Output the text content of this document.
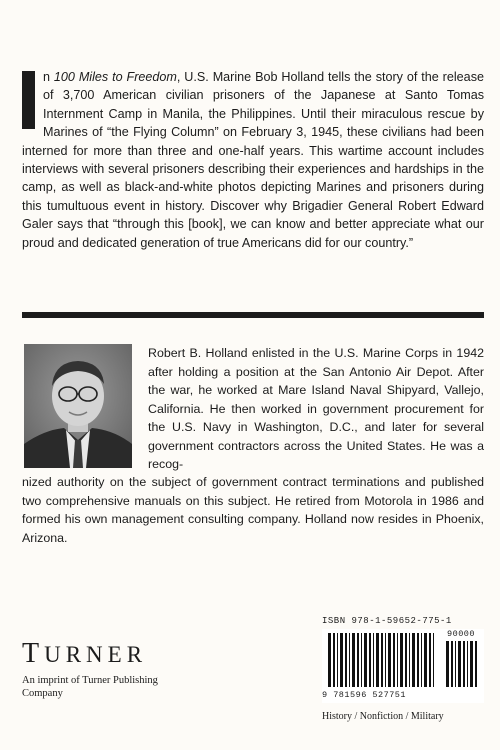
n 100 Miles to Freedom, U.S. Marine Bob Holland tells the story of the release of 3,700 American civilian prisoners of the Japanese at Santo Tomas Internment Camp in Manila, the Philippines. Until their miraculous rescue by Marines of “the Flying Column” on February 3, 1945, these civilians had been interned for more than three and one-half years. This wartime account includes interviews with several prisoners describing their experiences and hardships in the camp, as well as black-and-white photos depicting Marines and prisoners during this tumultuous event in history. Discover why Brigadier General Robert Edward Galer says that “through this [book], we can know and better appreciate what our proud and dedicated generation of true Americans did for our country.”
Robert B. Holland enlisted in the U.S. Marine Corps in 1942 after holding a position at the San Antonio Air Depot. After the war, he worked at Mare Island Naval Shipyard, Vallejo, California. He then worked in government procurement for the U.S. Navy in Washington, D.C., and later for several government contractors across the United States. He was a recog-
nized authority on the subject of government contract terminations and published two comprehensive manuals on this subject. He retired from Motorola in 1986 and formed his own management consulting company. Holland now resides in Phoenix, Arizona.
TURNER
An imprint of Turner Publishing Company
ISBN 978-1-59652-775-1
90000
9 781596 527751
History / Nonfiction / Military
